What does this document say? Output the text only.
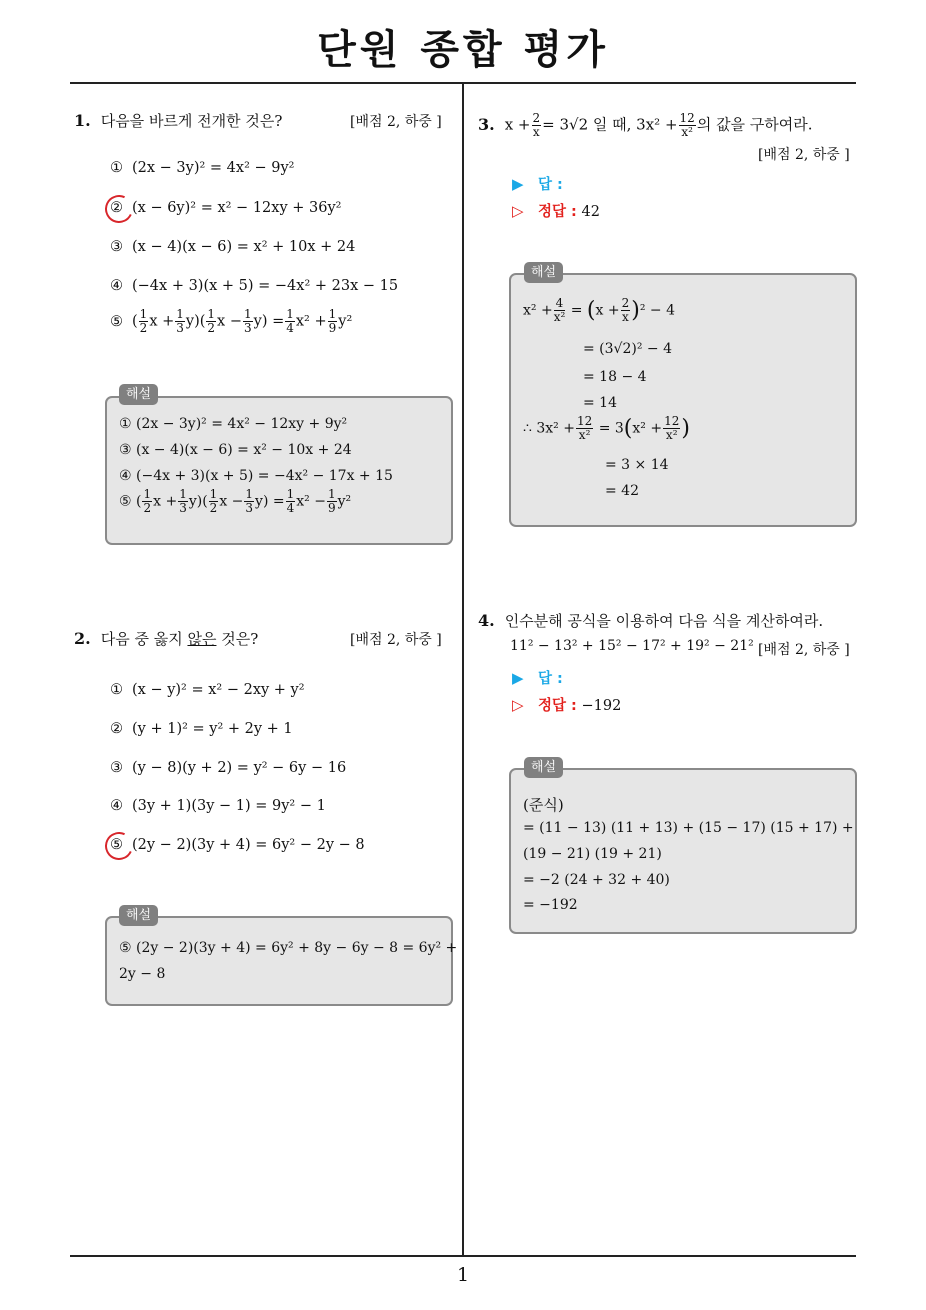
단원 종합 평가
1. 다음을 바르게 전개한 것은?	[배점 2, 하중 ]
① (2x − 3y)² = 4x² − 9y²
② (x − 6y)² = x² − 12xy + 36y²
③ (x − 4)(x − 6) = x² + 10x + 24
④ (−4x + 3)(x + 5) = −4x² + 23x − 15
⑤ ( $\frac{1}{2}$ $x + \frac{1}{3} y)( \frac{1}{2}$ $x - \frac{1}{3} y) = \frac{1}{4} x^2 + \frac{1}{9} y^2$
① (2x − 3y)² = 4x² − 12xy + 9y²
③ (x − 4)(x − 6) = x² − 10x + 24
④ (−4x + 3)(x + 5) = −4x² − 17x + 15
⑤ ( $\frac{1}{2}$ $x + \frac{1}{3} y)( \frac{1}{2}$ $x - \frac{1}{3} y) = \frac{1}{4} x^2 - \frac{1}{9} y^2$
해설
2. 다음 중 옳지 않은 것은?	[배점 2, 하중 ]
① (x − y)² = x² − 2xy + y²
② (y + 1)² = y² + 2y + 1
③ (y − 8)(y + 2) = y² − 6y − 16
④ (3y + 1)(3y − 1) = 9y² − 1
⑤ (2y − 2)(3y + 4) = 6y² − 2y − 8
⑤ (2y − 2)(3y + 4) = 6y² + 8y − 6y − 8 = 6y² +
2y − 8
해설
3. $x + \frac{2}{x} = 3√2$ 일 때, $3x^2 + \frac{12}{\text{x²}}$ 의 값을 구하여라.
[배점 2, 하중 ]
▶ 답 :
▷ 정답 : 42
$x^2 + \frac{4}{\text{x²}} = (x + \frac{2}{x} )^2 - 4$
= (3√2)² − 4
= 18 − 4
= 14
∴ $3x^2 + \frac{12}{\text{x²}} = 3(x^2 + \frac{12}{\text{x²}}$ )
= 3 × 14
= 42
해설
4. 인수분해 공식을 이용하여 다음 식을 계산하여라.
11² − 13² + 15² − 17² + 19² − 21² [배점 2, 하중 ]
▶ 답 :
▷ 정답 : −192
(준식)
= (11 − 13) (11 + 13) + (15 − 17) (15 + 17) +
(19 − 21) (19 + 21)
= −2 (24 + 32 + 40)
= −192
해설
1
